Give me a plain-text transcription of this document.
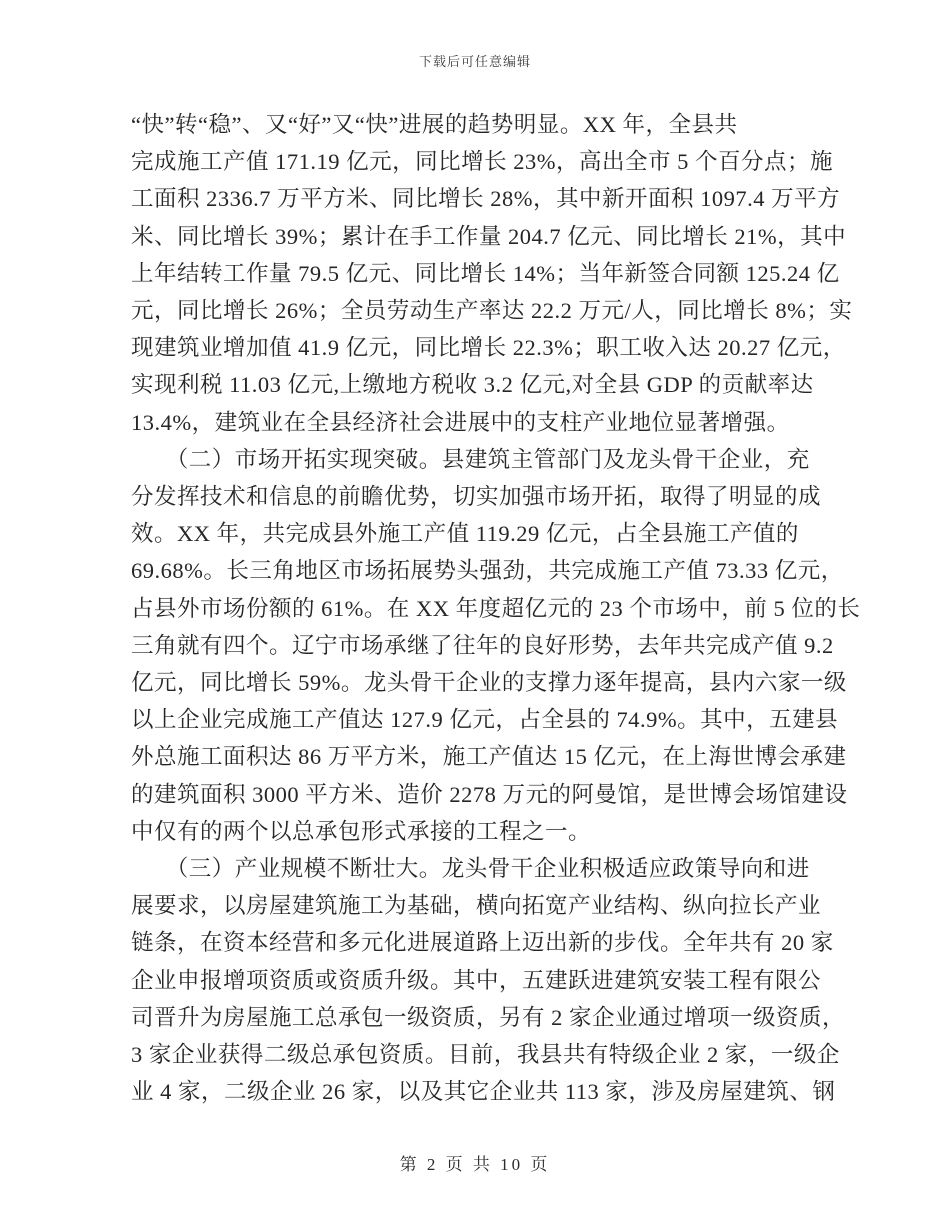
下载后可任意编辑
“快”转“稳”、又“好”又“快”进展的趋势明显。XX 年，全县共
完成施工产值 171.19 亿元，同比增长 23%，高出全市 5 个百分点；施
工面积 2336.7 万平方米、同比增长 28%，其中新开面积 1097.4 万平方
米、同比增长 39%；累计在手工作量 204.7 亿元、同比增长 21%，其中
上年结转工作量 79.5 亿元、同比增长 14%；当年新签合同额 125.24 亿
元，同比增长 26%；全员劳动生产率达 22.2 万元/人，同比增长 8%；实
现建筑业增加值 41.9 亿元，同比增长 22.3%；职工收入达 20.27 亿元，
实现利税 11.03 亿元,上缴地方税收 3.2 亿元,对全县 GDP 的贡献率达
13.4%，建筑业在全县经济社会进展中的支柱产业地位显著增强。
　　（二）市场开拓实现突破。县建筑主管部门及龙头骨干企业，充
分发挥技术和信息的前瞻优势，切实加强市场开拓，取得了明显的成
效。XX 年，共完成县外施工产值 119.29 亿元，占全县施工产值的
69.68%。长三角地区市场拓展势头强劲，共完成施工产值 73.33 亿元，
占县外市场份额的 61%。在 XX 年度超亿元的 23 个市场中，前 5 位的长
三角就有四个。辽宁市场承继了往年的良好形势，去年共完成产值 9.2
亿元，同比增长 59%。龙头骨干企业的支撑力逐年提高，县内六家一级
以上企业完成施工产值达 127.9 亿元，占全县的 74.9%。其中，五建县
外总施工面积达 86 万平方米，施工产值达 15 亿元，在上海世博会承建
的建筑面积 3000 平方米、造价 2278 万元的阿曼馆，是世博会场馆建设
中仅有的两个以总承包形式承接的工程之一。
　　（三）产业规模不断壮大。龙头骨干企业积极适应政策导向和进
展要求，以房屋建筑施工为基础，横向拓宽产业结构、纵向拉长产业
链条，在资本经营和多元化进展道路上迈出新的步伐。全年共有 20 家
企业申报增项资质或资质升级。其中，五建跃进建筑安装工程有限公
司晋升为房屋施工总承包一级资质，另有 2 家企业通过增项一级资质，
3 家企业获得二级总承包资质。目前，我县共有特级企业 2 家，一级企
业 4 家，二级企业 26 家，以及其它企业共 113 家，涉及房屋建筑、钢
第 2 页 共 10 页
